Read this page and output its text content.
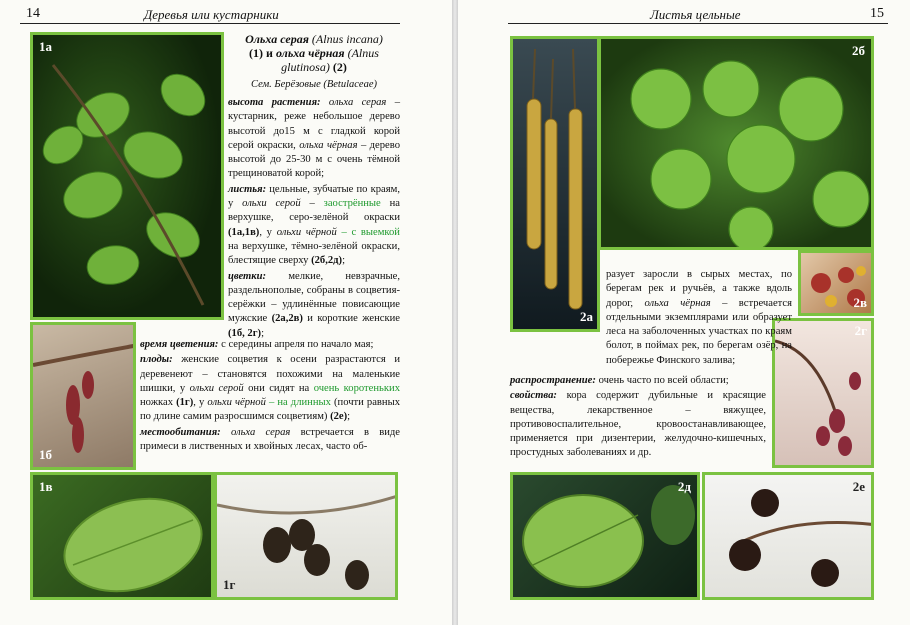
14	Деревья или кустарники
1а
1б
1в
1г
Ольха серая (Alnus incana)
(1) и ольха чёрная (Alnus
glutinosa) (2)
Сем. Берёзовые (Betulaceae)

высота растения: ольха серая – кустарник, реже небольшое дерево высотой до15 м с гладкой корой серой окраски, ольха чёрная – дерево высотой до 25-30 м с очень тёмной трещиноватой корой;

листья: цельные, зубчатые по краям, у ольхи серой – заострённые на верхушке, серо-зелёной окраски (1а,1в), у ольхи чёрной – с выемкой на верхушке, тёмно-зелёной окраски, блестящие сверху (2б,2д);

цветки: мелкие, невзрачные, раздельнополые, собраны в соцветия-серёжки – удлинённые повисающие мужские (2а,2в) и короткие женские (1б, 2г);

время цветения: с середины апреля по начало мая;

плоды: женские соцветия к осени разрастаются и деревенеют – становятся похожими на маленькие шишки, у ольхи серой они сидят на очень коротеньких ножках (1г), у ольхи чёрной – на длинных (почти равных по длине самим разросшимся соцветиям) (2е);

местообитания: ольха серая встречается в виде примеси в лиственных и хвойных лесах, часто об-

Листья цельные	15
2а
2б
2в
2г
2д	2е

разует заросли в сырых местах, по берегам рек и ручьёв, а также вдоль дорог, ольха чёрная – встречается отдельными экземплярами или образует леса на заболоченных участках по краям болот, в поймах рек, по берегам озёр, на побережье Финского залива;

распространение: очень часто по всей области;

свойства: кора содержит дубильные и красящие вещества, лекарственное – вяжущее, противовоспалительное, кровоостанавливающее, применяется при дизентерии, желудочно-кишечных, простудных заболеваниях и др.
